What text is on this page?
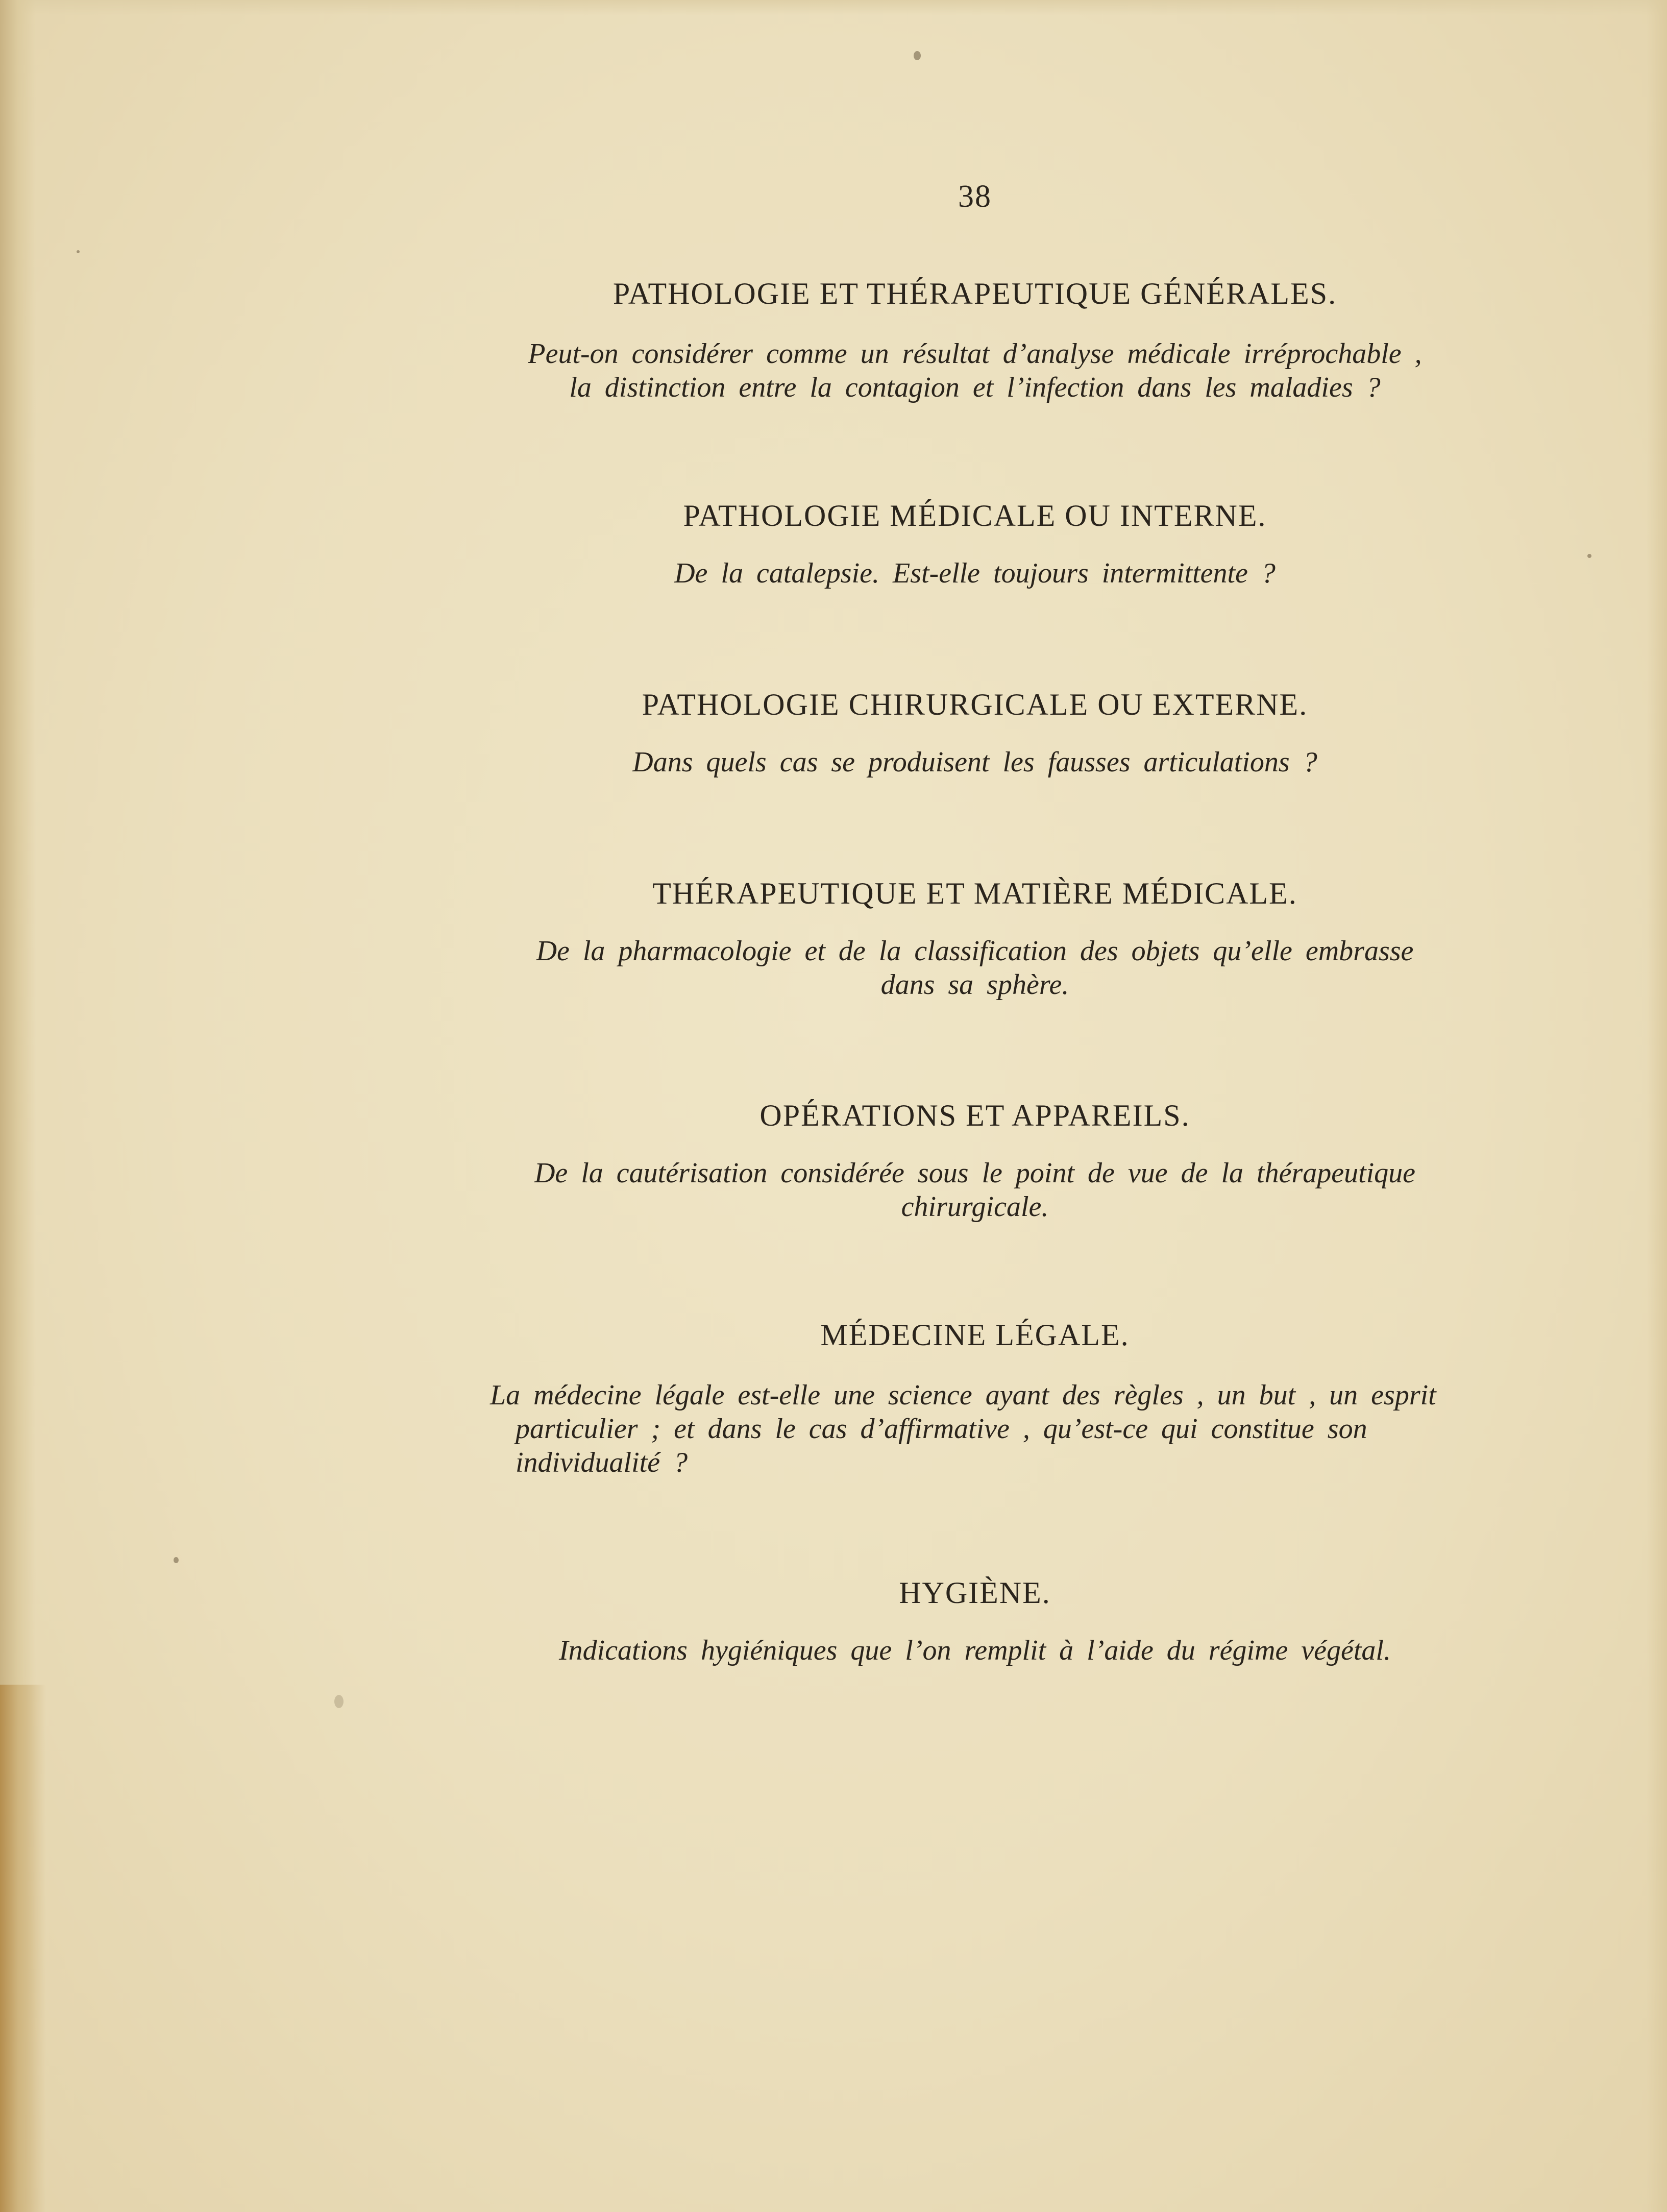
38
PATHOLOGIE ET THÉRAPEUTIQUE GÉNÉRALES.
Peut-on considérer comme un résultat d’analyse médicale irréprochable ,
la distinction entre la contagion et l’infection dans les maladies ?
PATHOLOGIE MÉDICALE OU INTERNE.
De la catalepsie. Est-elle toujours intermittente ?
PATHOLOGIE CHIRURGICALE OU EXTERNE.
Dans quels cas se produisent les fausses articulations ?
THÉRAPEUTIQUE ET MATIÈRE MÉDICALE.
De la pharmacologie et de la classification des objets qu’elle embrasse
dans sa sphère.
OPÉRATIONS ET APPAREILS.
De la cautérisation considérée sous le point de vue de la thérapeutique
chirurgicale.
MÉDECINE LÉGALE.
La médecine légale est-elle une science ayant des règles , un but , un esprit
particulier ; et dans le cas d’affirmative , qu’est-ce qui constitue son
individualité ?
HYGIÈNE.
Indications hygiéniques que l’on remplit à l’aide du régime végétal.
